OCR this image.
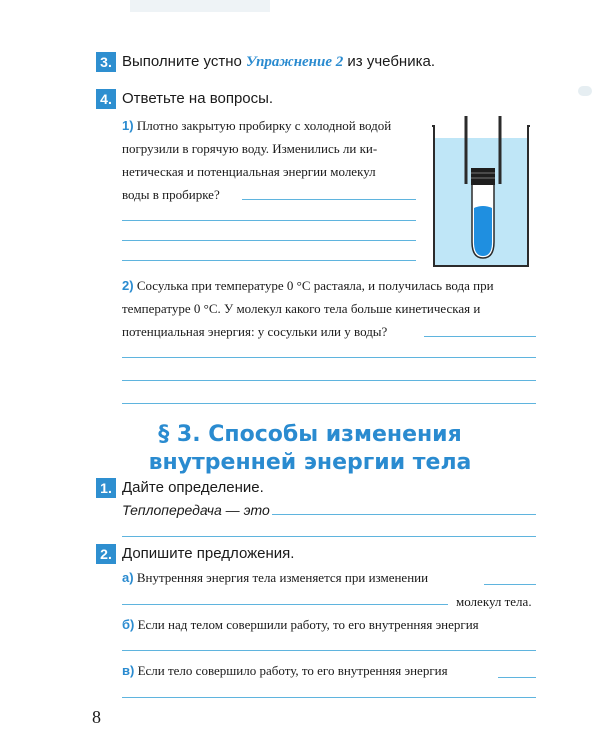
3. Выполните устно Упражнение 2 из учебника.
4. Ответьте на вопросы.
1) Плотно закрытую пробирку с холодной водой
погрузили в горячую воду. Изменились ли ки-
нетическая и потенциальная энергии молекул
воды в пробирке?
2) Сосулька при температуре 0 °С растаяла, и получилась вода при
температуре 0 °С. У молекул какого тела больше кинетическая и
потенциальная энергия: у сосульки или у воды?
§ 3. Способы изменения
внутренней энергии тела
1. Дайте определение.
Теплопередача — это
2. Допишите предложения.
а) Внутренняя энергия тела изменяется при изменении
молекул тела.
б) Если над телом совершили работу, то его внутренняя энергия
в) Если тело совершило работу, то его внутренняя энергия
8
